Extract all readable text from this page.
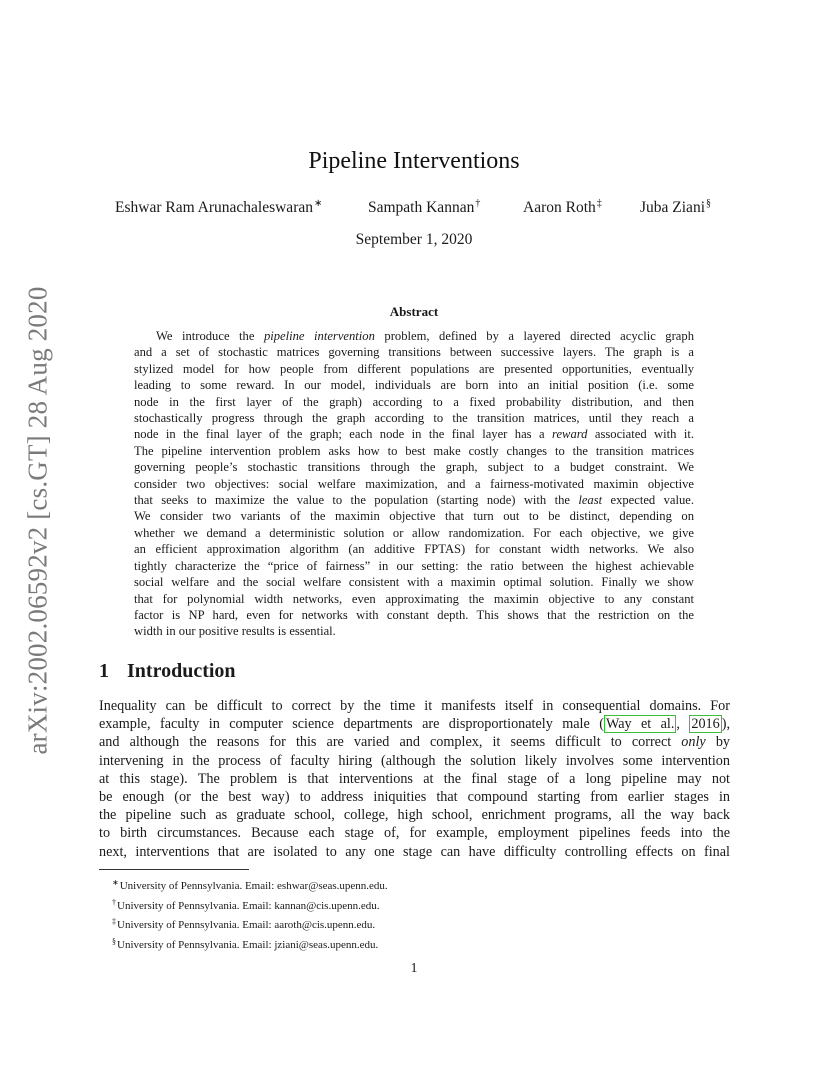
arXiv:2002.06592v2 [cs.GT] 28 Aug 2020
Pipeline Interventions
Eshwar Ram Arunachaleswaran∗	Sampath Kannan†	Aaron Roth‡ Juba Ziani§
September 1, 2020
Abstract
We introduce the pipeline intervention problem, defined by a layered directed acyclic graph
and a set of stochastic matrices governing transitions between successive layers. The graph is a
stylized model for how people from different populations are presented opportunities, eventually
leading to some reward. In our model, individuals are born into an initial position (i.e. some
node in the first layer of the graph) according to a fixed probability distribution, and then
stochastically progress through the graph according to the transition matrices, until they reach a
node in the final layer of the graph; each node in the final layer has a reward associated with it.
The pipeline intervention problem asks how to best make costly changes to the transition matrices
governing people’s stochastic transitions through the graph, subject to a budget constraint. We
consider two objectives: social welfare maximization, and a fairness-motivated maximin objective
that seeks to maximize the value to the population (starting node) with the least expected value.
We consider two variants of the maximin objective that turn out to be distinct, depending on
whether we demand a deterministic solution or allow randomization. For each objective, we give
an efficient approximation algorithm (an additive FPTAS) for constant width networks. We also
tightly characterize the “price of fairness” in our setting: the ratio between the highest achievable
social welfare and the social welfare consistent with a maximin optimal solution. Finally we show
that for polynomial width networks, even approximating the maximin objective to any constant
factor is NP hard, even for networks with constant depth. This shows that the restriction on the
width in our positive results is essential.
1 Introduction
Inequality can be difficult to correct by the time it manifests itself in consequential domains. For
example, faculty in computer science departments are disproportionately male ( Way et al. , 2016 ),
and although the reasons for this are varied and complex, it seems difficult to correct only by
intervening in the process of faculty hiring (although the solution likely involves some intervention
at this stage). The problem is that interventions at the final stage of a long pipeline may not
be enough (or the best way) to address iniquities that compound starting from earlier stages in
the pipeline such as graduate school, college, high school, enrichment programs, all the way back
to birth circumstances. Because each stage of, for example, employment pipelines feeds into the
next, interventions that are isolated to any one stage can have difficulty controlling effects on final
∗University of Pennsylvania. Email: eshwar@seas.upenn.edu.
†University of Pennsylvania. Email: kannan@cis.upenn.edu.
‡University of Pennsylvania. Email: aaroth@cis.upenn.edu.
§University of Pennsylvania. Email: jziani@seas.upenn.edu.
1
